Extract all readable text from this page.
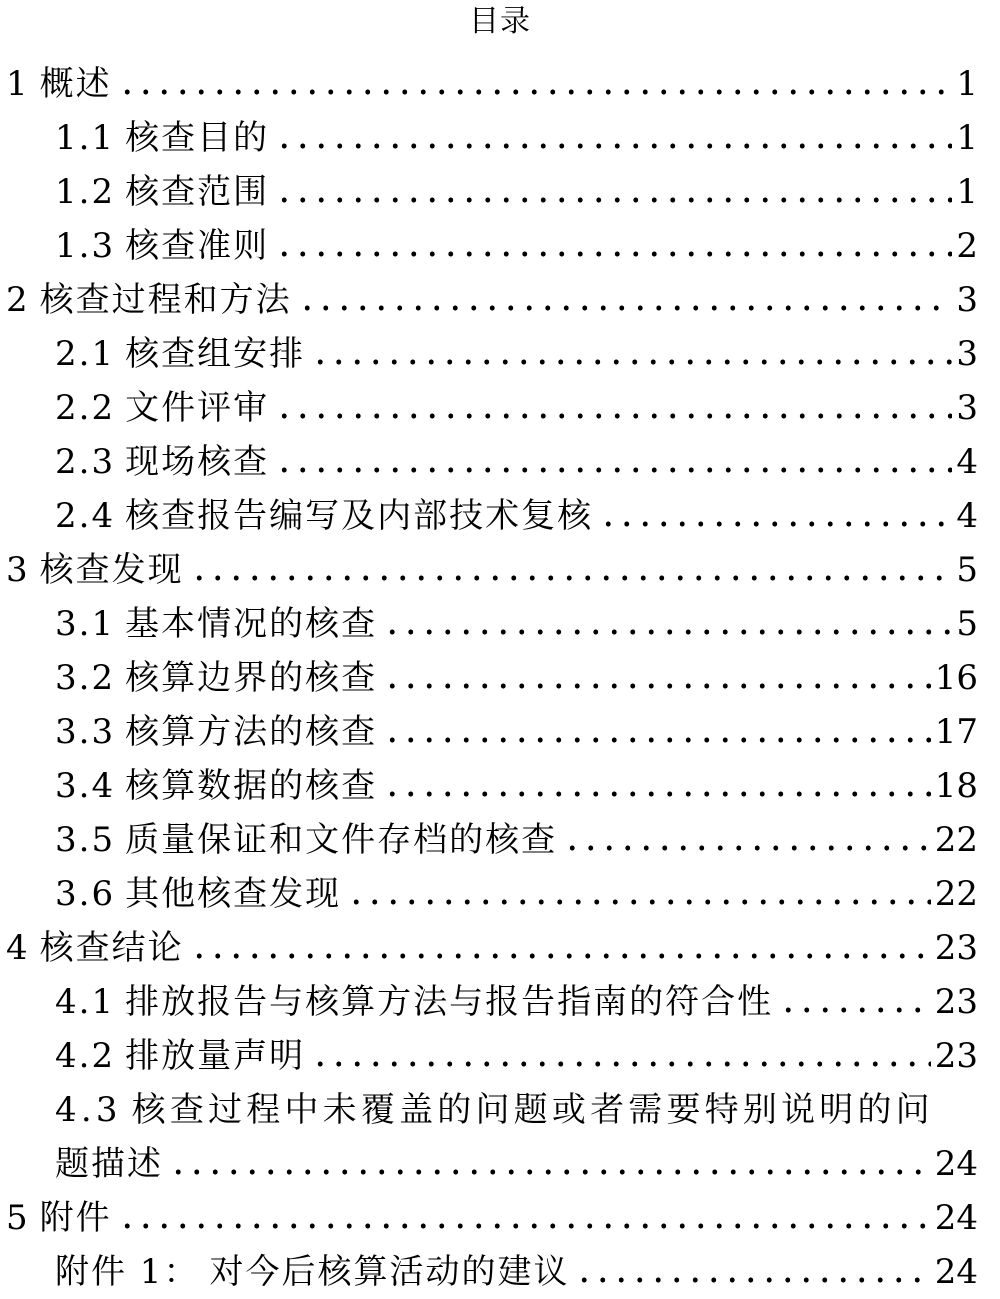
目录
1 概述	1
1.1 核查目的	1
1.2 核查范围	1
1.3 核查准则	2
2 核查过程和方法	3
2.1 核查组安排	3
2.2 文件评审	3
2.3 现场核查	4
2.4 核查报告编写及内部技术复核	4
3 核查发现	5
3.1 基本情况的核查	5
3.2 核算边界的核查	16
3.3 核算方法的核查	17
3.4 核算数据的核查	18
3.5 质量保证和文件存档的核查	22
3.6 其他核查发现	22
4 核查结论	23
4.1 排放报告与核算方法与报告指南的符合性	23
4.2 排放量声明	23
4.3 核查过程中未覆盖的问题或者需要特别说明的问
题描述	24
5 附件	24
附件 1： 对今后核算活动的建议	24
